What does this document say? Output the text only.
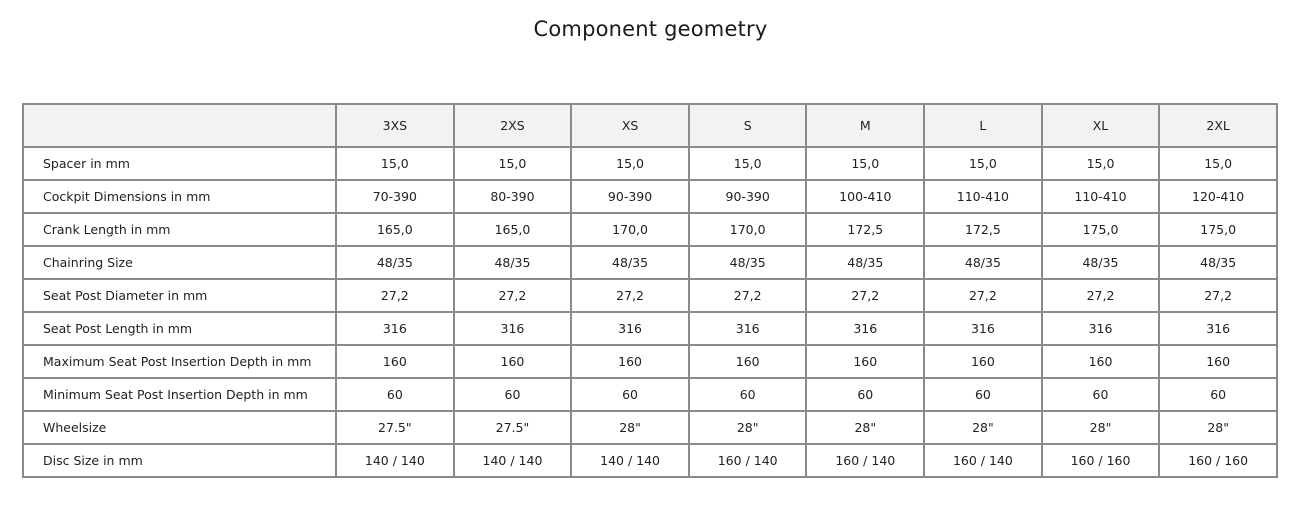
Component geometry
	3XS	2XS	XS	S	M	L	XL	2XL
Spacer in mm	15,0	15,0	15,0	15,0	15,0	15,0	15,0	15,0
Cockpit Dimensions in mm	70-390	80-390	90-390	90-390	100-410	110-410	110-410	120-410
Crank Length in mm	165,0	165,0	170,0	170,0	172,5	172,5	175,0	175,0
Chainring Size	48/35	48/35	48/35	48/35	48/35	48/35	48/35	48/35
Seat Post Diameter in mm	27,2	27,2	27,2	27,2	27,2	27,2	27,2	27,2
Seat Post Length in mm	316	316	316	316	316	316	316	316
Maximum Seat Post Insertion Depth in mm	160	160	160	160	160	160	160	160
Minimum Seat Post Insertion Depth in mm	60	60	60	60	60	60	60	60
Wheelsize	27.5"	27.5"	28"	28"	28"	28"	28"	28"
Disc Size in mm	140 / 140	140 / 140	140 / 140	160 / 140	160 / 140	160 / 140	160 / 160	160 / 160
